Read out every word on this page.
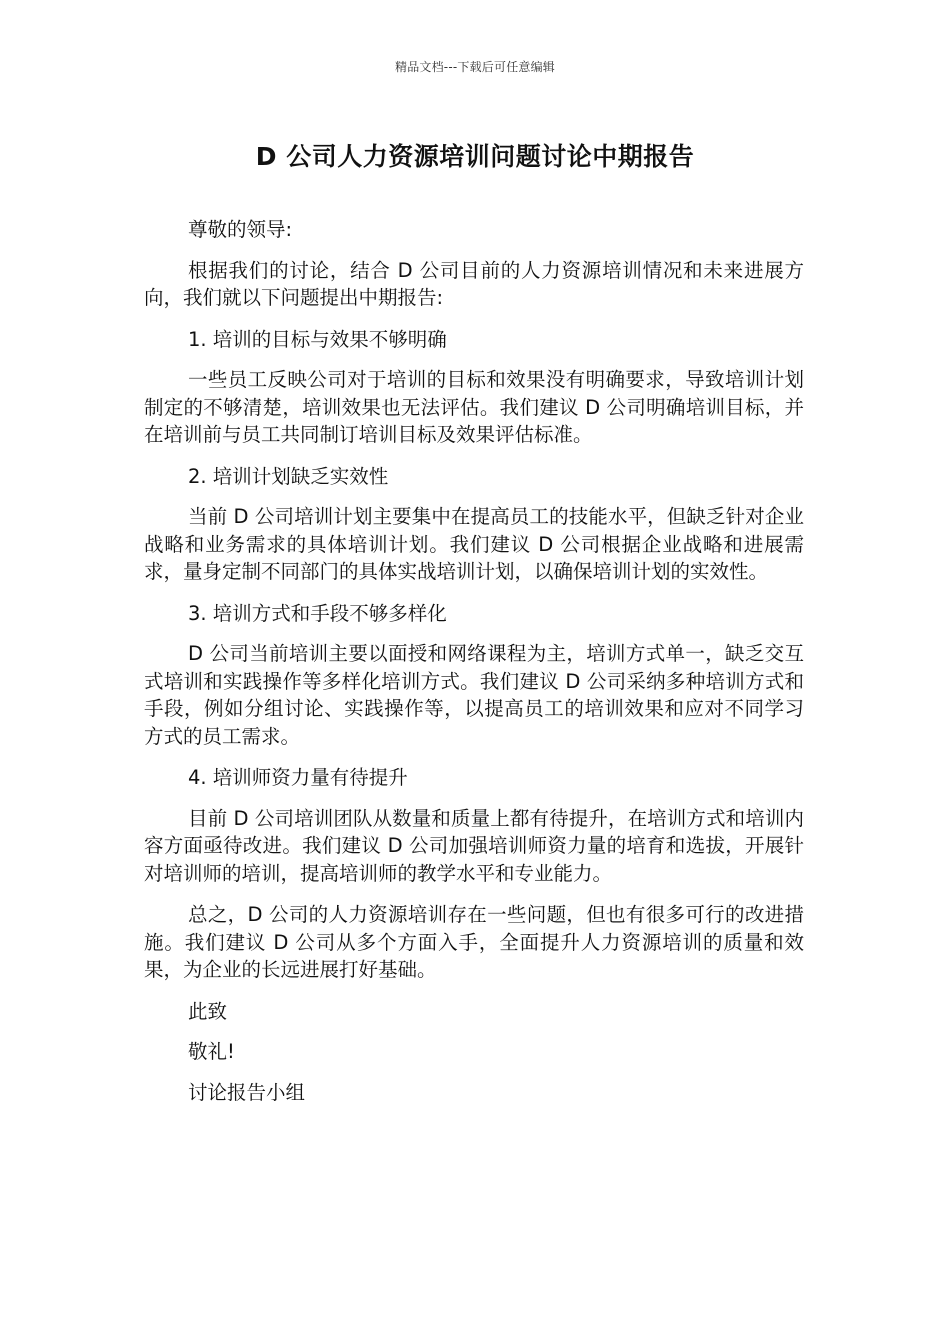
精品文档---下载后可任意编辑
D 公司人力资源培训问题讨论中期报告

尊敬的领导:

根据我们的讨论，结合 D 公司目前的人力资源培训情况和未来进展方向，我们就以下问题提出中期报告:

1. 培训的目标与效果不够明确

一些员工反映公司对于培训的目标和效果没有明确要求，导致培训计划制定的不够清楚，培训效果也无法评估。我们建议 D 公司明确培训目标，并在培训前与员工共同制订培训目标及效果评估标准。

2. 培训计划缺乏实效性

当前 D 公司培训计划主要集中在提高员工的技能水平，但缺乏针对企业战略和业务需求的具体培训计划。我们建议 D 公司根据企业战略和进展需求，量身定制不同部门的具体实战培训计划，以确保培训计划的实效性。

3. 培训方式和手段不够多样化

D 公司当前培训主要以面授和网络课程为主，培训方式单一，缺乏交互式培训和实践操作等多样化培训方式。我们建议 D 公司采纳多种培训方式和手段，例如分组讨论、实践操作等，以提高员工的培训效果和应对不同学习方式的员工需求。

4. 培训师资力量有待提升

目前 D 公司培训团队从数量和质量上都有待提升，在培训方式和培训内容方面亟待改进。我们建议 D 公司加强培训师资力量的培育和选拔，开展针对培训师的培训，提高培训师的教学水平和专业能力。

总之，D 公司的人力资源培训存在一些问题，但也有很多可行的改进措施。我们建议 D 公司从多个方面入手，全面提升人力资源培训的质量和效果，为企业的长远进展打好基础。

此致

敬礼!

讨论报告小组
